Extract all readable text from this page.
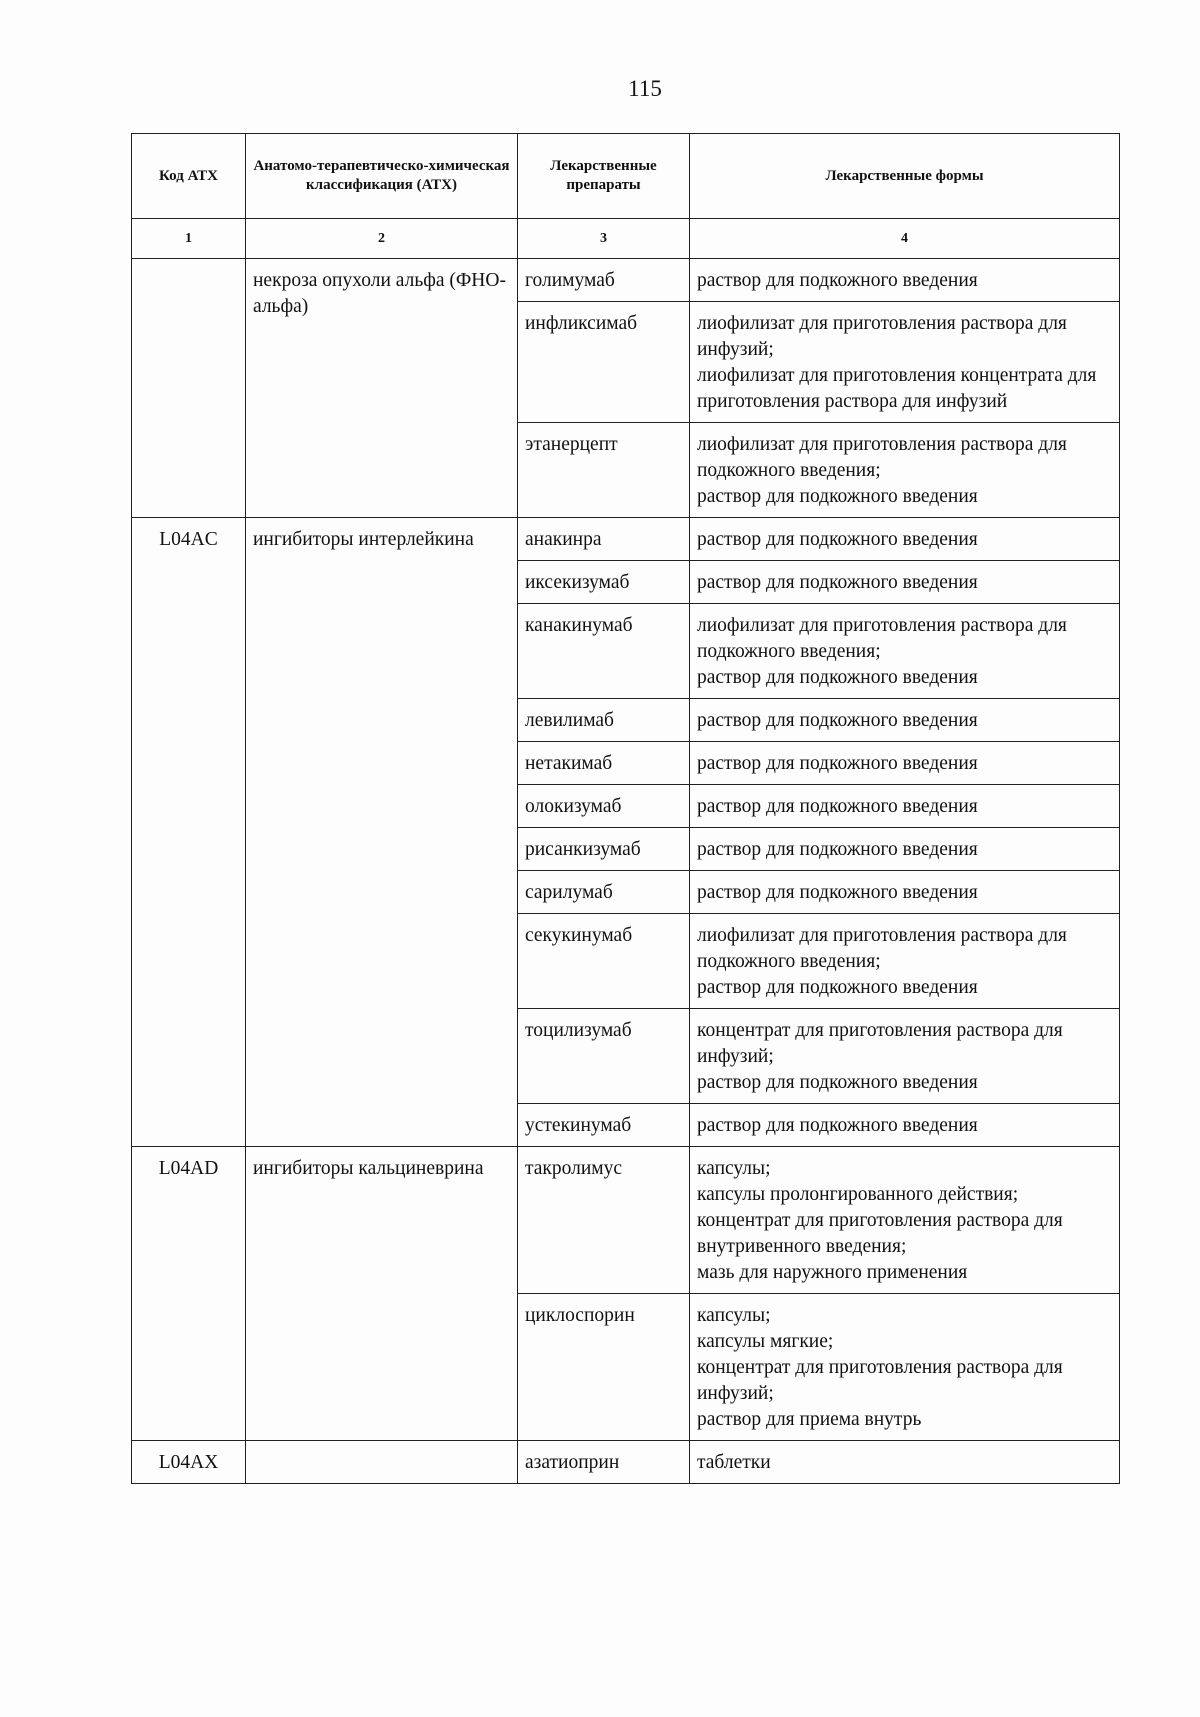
115
Код АТХ	Анатомо-терапевтическо-химическая классификация (АТХ)	Лекарственные препараты	Лекарственные формы
1	2	3	4
	некроза опухоли альфа (ФНО-альфа)	голимумаб	раствор для подкожного введения

		инфликсимаб	лиофилизат для приготовления раствора для инфузий;
лиофилизат для приготовления концентрата для приготовления раствора для инфузий

		этанерцепт	лиофилизат для приготовления раствора для подкожного введения;
раствор для подкожного введения

L04AC	ингибиторы интерлейкина	анакинра	раствор для подкожного введения

		иксекизумаб	раствор для подкожного введения

		канакинумаб	лиофилизат для приготовления раствора для подкожного введения;
раствор для подкожного введения

		левилимаб	раствор для подкожного введения

		нетакимаб	раствор для подкожного введения

		олокизумаб	раствор для подкожного введения

		рисанкизумаб	раствор для подкожного введения

		сарилумаб	раствор для подкожного введения

		секукинумаб	лиофилизат для приготовления раствора для подкожного введения;
раствор для подкожного введения

		тоцилизумаб	концентрат для приготовления раствора для инфузий;
раствор для подкожного введения

		устекинумаб	раствор для подкожного введения

L04AD	ингибиторы кальциневрина	такролимус	капсулы;
капсулы пролонгированного действия;
концентрат для приготовления раствора для внутривенного введения;
мазь для наружного применения

		циклоспорин	капсулы;
капсулы мягкие;
концентрат для приготовления раствора для инфузий;
раствор для приема внутрь

L04AX		азатиоприн	таблетки
